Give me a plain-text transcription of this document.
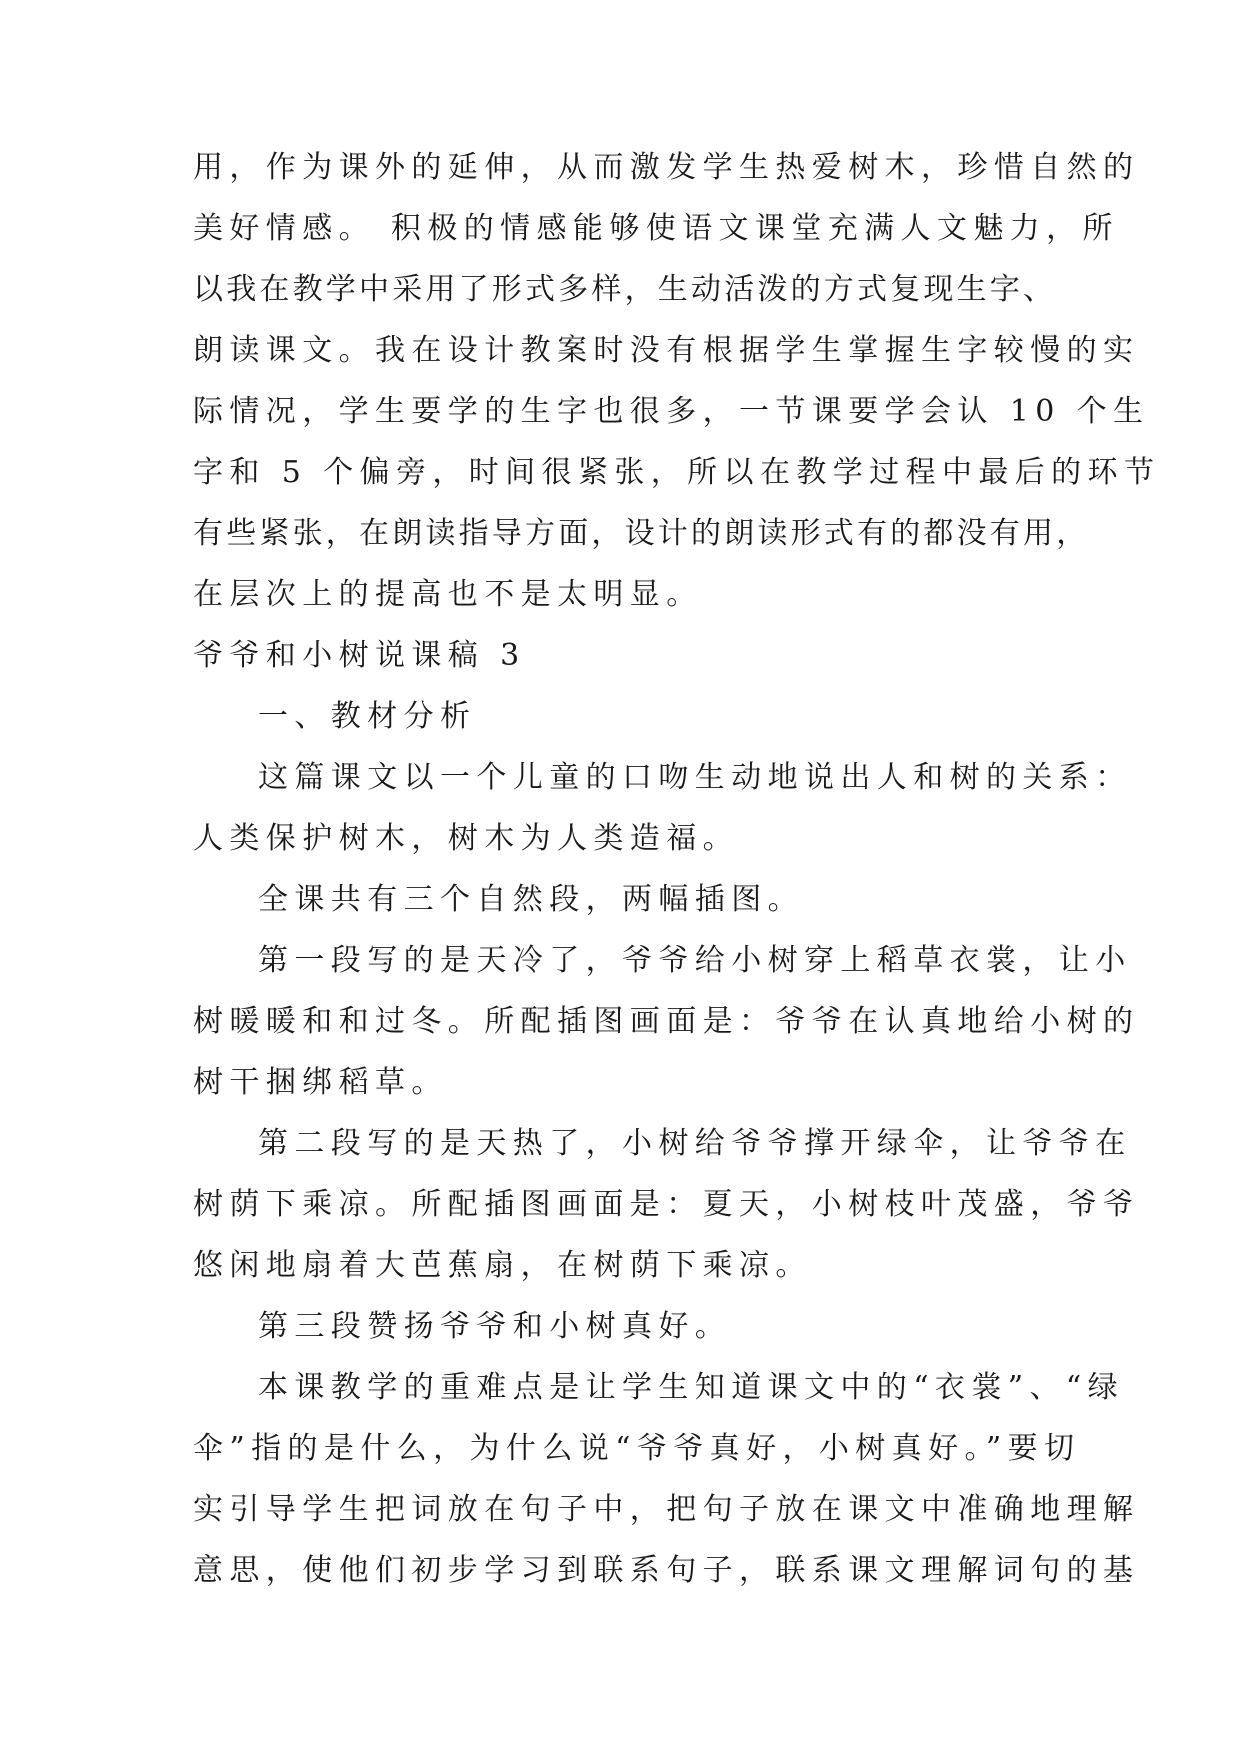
用，作为课外的延伸，从而激发学生热爱树木，珍惜自然的
美好情感。 积极的情感能够使语文课堂充满人文魅力，所
以我在教学中采用了形式多样，生动活泼的方式复现生字、
朗读课文。我在设计教案时没有根据学生掌握生字较慢的实
际情况，学生要学的生字也很多，一节课要学会认 10 个生
字和 5 个偏旁，时间很紧张，所以在教学过程中最后的环节
有些紧张，在朗读指导方面，设计的朗读形式有的都没有用，
在层次上的提高也不是太明显。
爷爷和小树说课稿 3
一、教材分析
这篇课文以一个儿童的口吻生动地说出人和树的关系：
人类保护树木，树木为人类造福。
全课共有三个自然段，两幅插图。
第一段写的是天冷了，爷爷给小树穿上稻草衣裳，让小
树暖暖和和过冬。所配插图画面是：爷爷在认真地给小树的
树干捆绑稻草。
第二段写的是天热了，小树给爷爷撑开绿伞，让爷爷在
树荫下乘凉。所配插图画面是：夏天，小树枝叶茂盛，爷爷
悠闲地扇着大芭蕉扇，在树荫下乘凉。
第三段赞扬爷爷和小树真好。
本课教学的重难点是让学生知道课文中的“衣裳”、“绿
伞”指的是什么，为什么说“爷爷真好，小树真好。”要切
实引导学生把词放在句子中，把句子放在课文中准确地理解
意思，使他们初步学习到联系句子，联系课文理解词句的基
